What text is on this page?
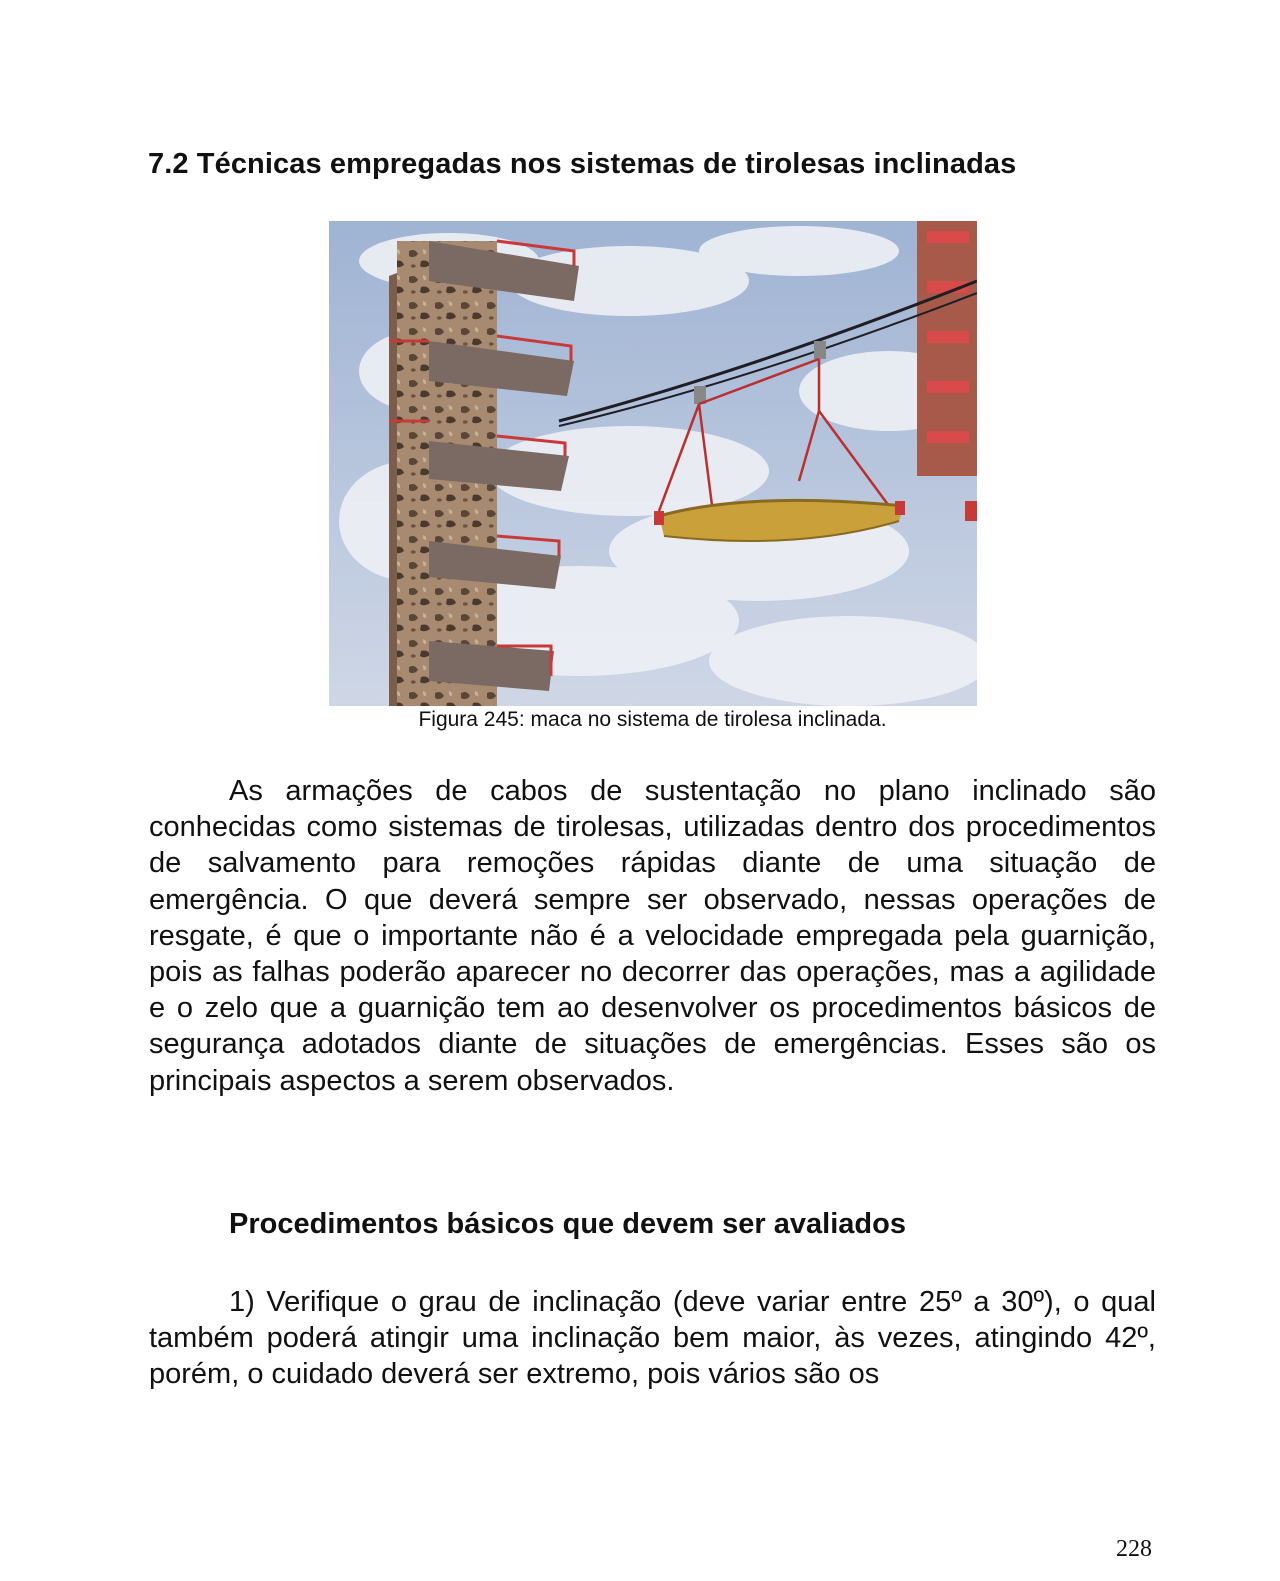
7.2 Técnicas empregadas nos sistemas de tirolesas inclinadas

Figura 245: maca no sistema de tirolesa inclinada.

As armações de cabos de sustentação no plano inclinado são conhecidas como sistemas de tirolesas, utilizadas dentro dos procedimentos de salvamento para remoções rápidas diante de uma situação de emergência. O que deverá sempre ser observado, nessas operações de resgate, é que o importante não é a velocidade empregada pela guarnição, pois as falhas poderão aparecer no decorrer das operações, mas a agilidade e o zelo que a guarnição tem ao desenvolver os procedimentos básicos de segurança adotados diante de situações de emergências. Esses são os principais aspectos a serem observados.

Procedimentos básicos que devem ser avaliados

1) Verifique o grau de inclinação (deve variar entre 25º a 30º), o qual também poderá atingir uma inclinação bem maior, às vezes, atingindo 42º, porém, o cuidado deverá ser extremo, pois vários são os

228
